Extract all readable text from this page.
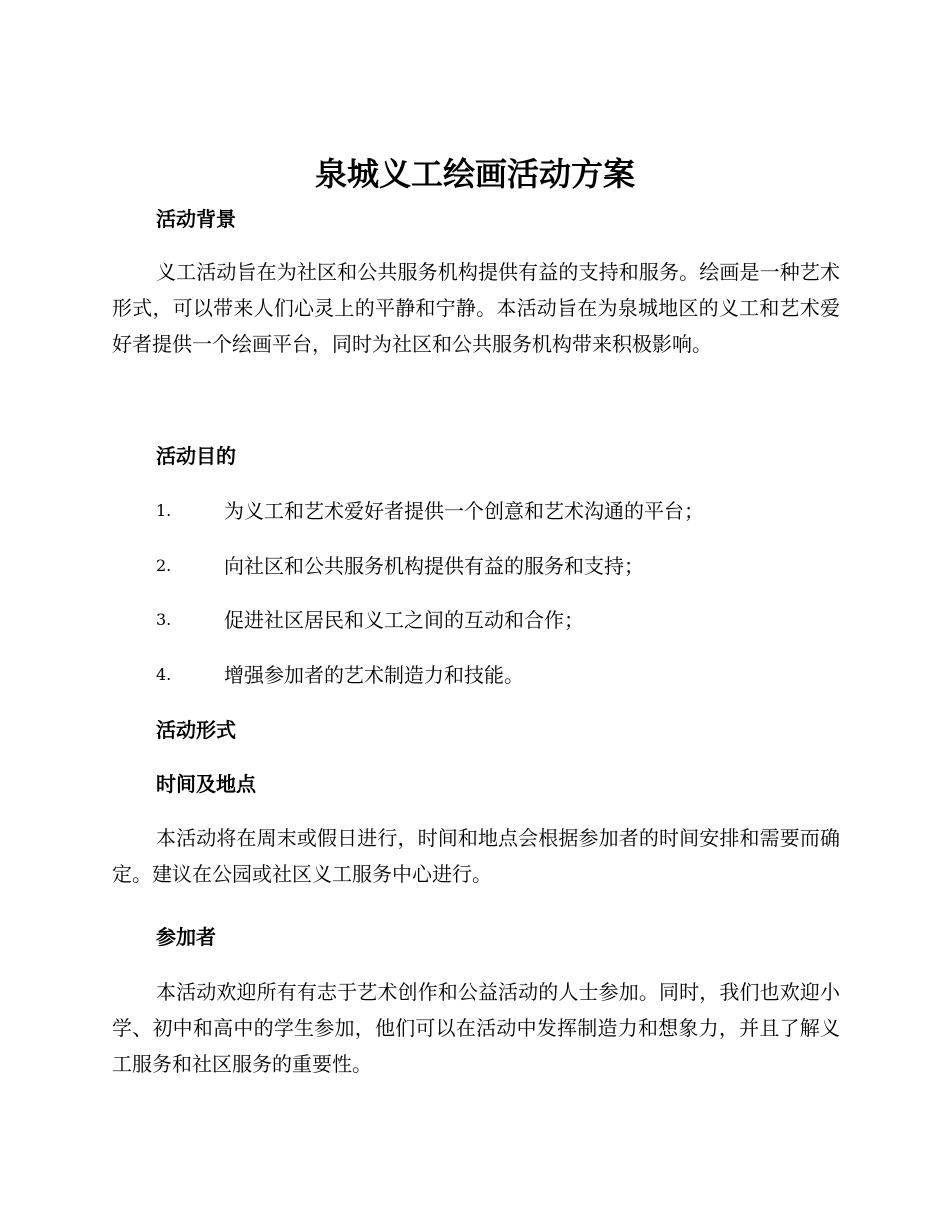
泉城义工绘画活动方案
活动背景

义工活动旨在为社区和公共服务机构提供有益的支持和服务。绘画是一种艺术形式，可以带来人们心灵上的平静和宁静。本活动旨在为泉城地区的义工和艺术爱好者提供一个绘画平台，同时为社区和公共服务机构带来积极影响。

活动目的
1.	为义工和艺术爱好者提供一个创意和艺术沟通的平台；
2.	向社区和公共服务机构提供有益的服务和支持；
3.	促进社区居民和义工之间的互动和合作；
4.	增强参加者的艺术制造力和技能。
活动形式
时间及地点

本活动将在周末或假日进行，时间和地点会根据参加者的时间安排和需要而确定。建议在公园或社区义工服务中心进行。

参加者

本活动欢迎所有有志于艺术创作和公益活动的人士参加。同时，我们也欢迎小学、初中和高中的学生参加，他们可以在活动中发挥制造力和想象力，并且了解义工服务和社区服务的重要性。
